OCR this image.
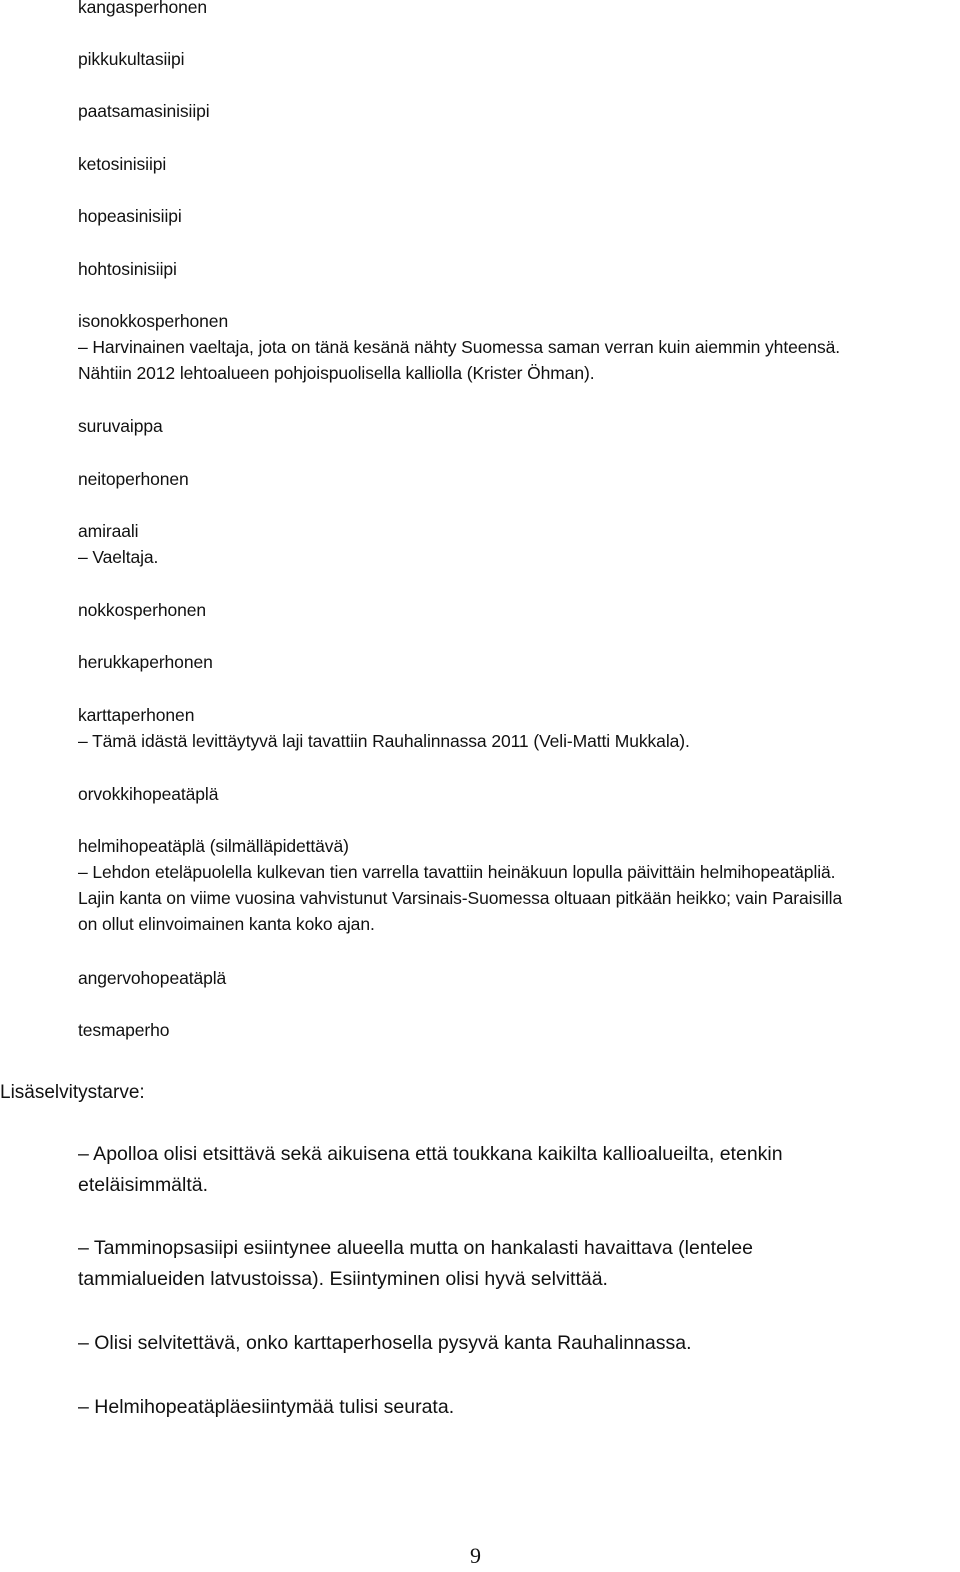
kangasperhonen
pikkukultasiipi
paatsamasinisiipi
ketosinisiipi
hopeasinisiipi
hohtosinisiipi
isonokkosperhonen
– Harvinainen vaeltaja, jota on tänä kesänä nähty Suomessa saman verran kuin aiemmin yhteensä.
Nähtiin 2012 lehtoalueen pohjoispuolisella kalliolla (Krister Öhman).
suruvaippa
neitoperhonen
amiraali
– Vaeltaja.
nokkosperhonen
herukkaperhonen
karttaperhonen
– Tämä idästä levittäytyvä laji tavattiin Rauhalinnassa 2011 (Veli-Matti Mukkala).
orvokkihopeatäplä
helmihopeatäplä (silmälläpidettävä)
– Lehdon eteläpuolella kulkevan tien varrella tavattiin heinäkuun lopulla päivittäin helmihopeatäpliä.
Lajin kanta on viime vuosina vahvistunut Varsinais-Suomessa oltuaan pitkään heikko; vain Paraisilla
on ollut elinvoimainen kanta koko ajan.
angervohopeatäplä
tesmaperho
Lisäselvitystarve:
– Apolloa olisi etsittävä sekä aikuisena että toukkana kaikilta kallioalueilta, etenkin
eteläisimmältä.
– Tamminopsasiipi esiintynee alueella mutta on hankalasti havaittava (lentelee
tammialueiden latvustoissa). Esiintyminen olisi hyvä selvittää.
– Olisi selvitettävä, onko karttaperhosella pysyvä kanta Rauhalinnassa.
– Helmihopeatäpläesiintymää tulisi seurata.
9
